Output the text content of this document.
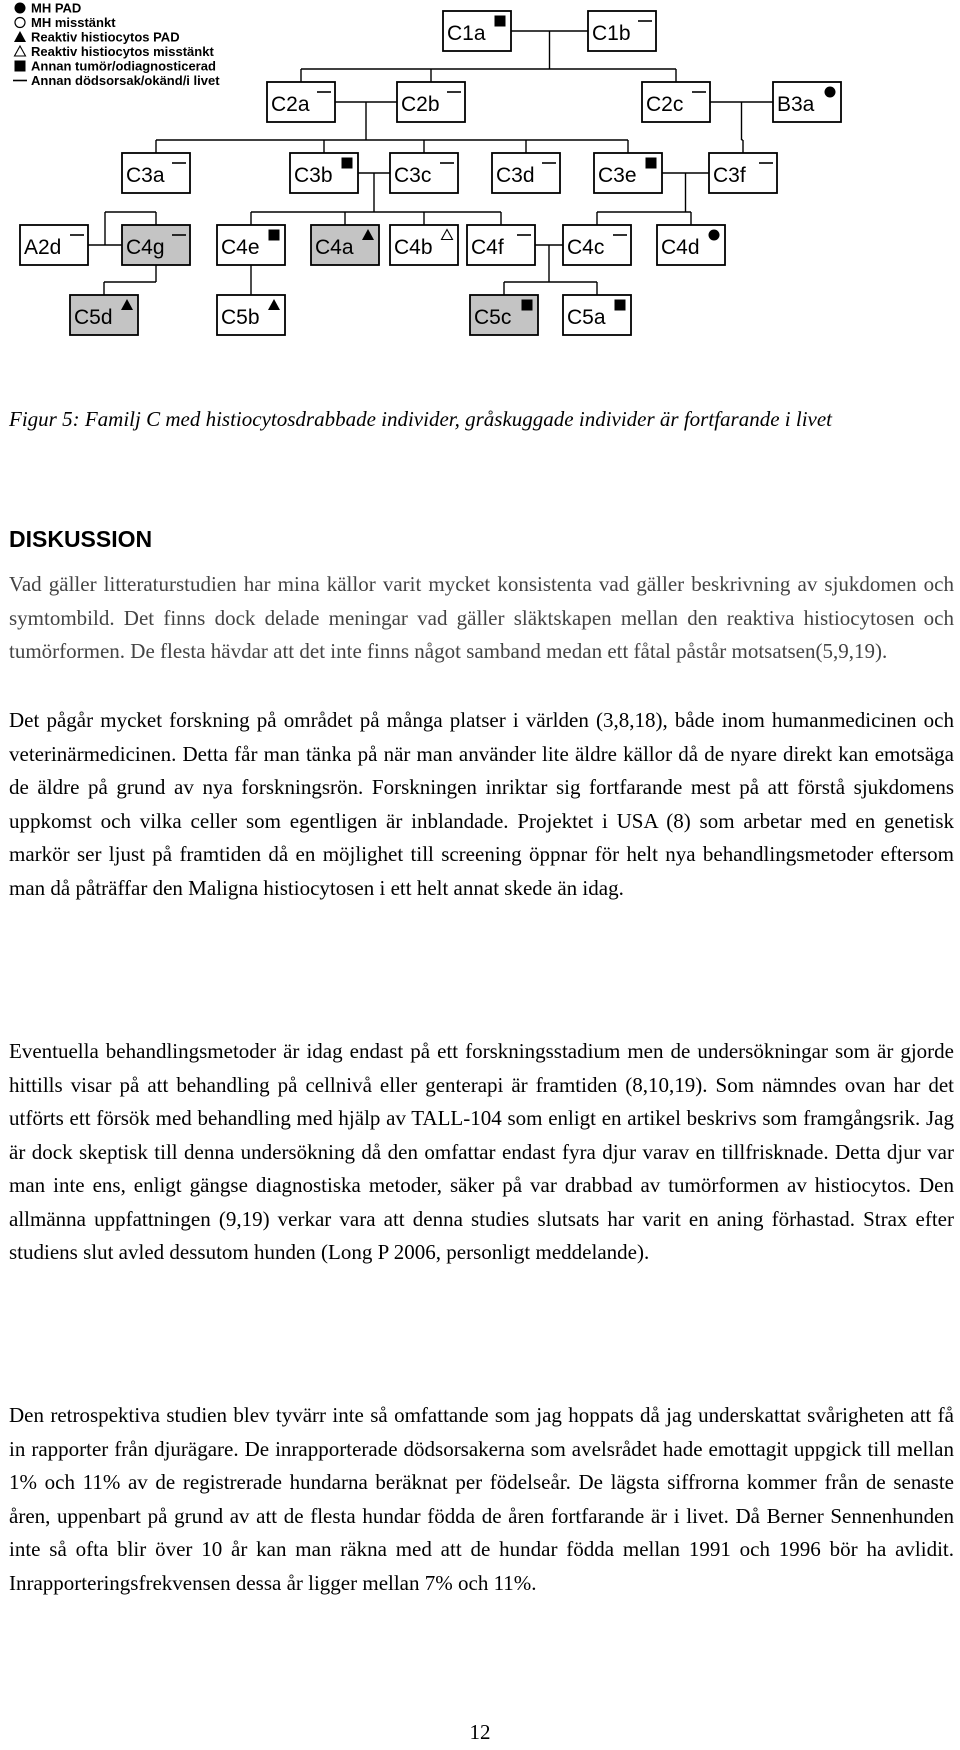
MH PAD
MH misstänkt
Reaktiv histiocytos PAD
Reaktiv histiocytos misstänkt
Annan tumör/odiagnosticerad
Annan dödsorsak/okänd/i livet
C1a	C1b
C2a	C2b	C2c	B3a
C3a	C3b	C3c	C3d	C3e	C3f
A2d	C4g	C4e	C4a C4b C4f	C4c	C4d
C5d	C5b	C5c	C5a

Figur 5: Familj C med histiocytosdrabbade individer, gråskuggade individer är fortfarande i livet

DISKUSSION

Vad gäller litteraturstudien har mina källor varit mycket konsistenta vad gäller beskrivning av sjukdomen och symtombild. Det finns dock delade meningar vad gäller släktskapen mellan den reaktiva histiocytosen och tumörformen. De flesta hävdar att det inte finns något samband medan ett fåtal påstår motsatsen(5,9,19).

Det pågår mycket forskning på området på många platser i världen (3,8,18), både inom humanmedicinen och veterinärmedicinen. Detta får man tänka på när man använder lite äldre källor då de nyare direkt kan emotsäga de äldre på grund av nya forskningsrön. Forskningen inriktar sig fortfarande mest på att förstå sjukdomens uppkomst och vilka celler som egentligen är inblandade. Projektet i USA (8) som arbetar med en genetisk markör ser ljust på framtiden då en möjlighet till screening öppnar för helt nya behandlingsmetoder eftersom man då påträffar den Maligna histiocytosen i ett helt annat skede än idag.

Eventuella behandlingsmetoder är idag endast på ett forskningsstadium men de undersökningar som är gjorde hittills visar på att behandling på cellnivå eller genterapi är framtiden (8,10,19). Som nämndes ovan har det utförts ett försök med behandling med hjälp av TALL-104 som enligt en artikel beskrivs som framgångsrik. Jag är dock skeptisk till denna undersökning då den omfattar endast fyra djur varav en tillfrisknade. Detta djur var man inte ens, enligt gängse diagnostiska metoder, säker på var drabbad av tumörformen av histiocytos. Den allmänna uppfattningen (9,19) verkar vara att denna studies slutsats har varit en aning förhastad. Strax efter studiens slut avled dessutom hunden (Long P 2006, personligt meddelande).

Den retrospektiva studien blev tyvärr inte så omfattande som jag hoppats då jag underskattat svårigheten att få in rapporter från djurägare. De inrapporterade dödsorsakerna som avelsrådet hade emottagit uppgick till mellan 1% och 11% av de registrerade hundarna beräknat per födelseår. De lägsta siffrorna kommer från de senaste åren, uppenbart på grund av att de flesta hundar födda de åren fortfarande är i livet. Då Berner Sennenhunden inte så ofta blir över 10 år kan man räkna med att de hundar födda mellan 1991 och 1996 bör ha avlidit. Inrapporteringsfrekvensen dessa år ligger mellan 7% och 11%.

12
